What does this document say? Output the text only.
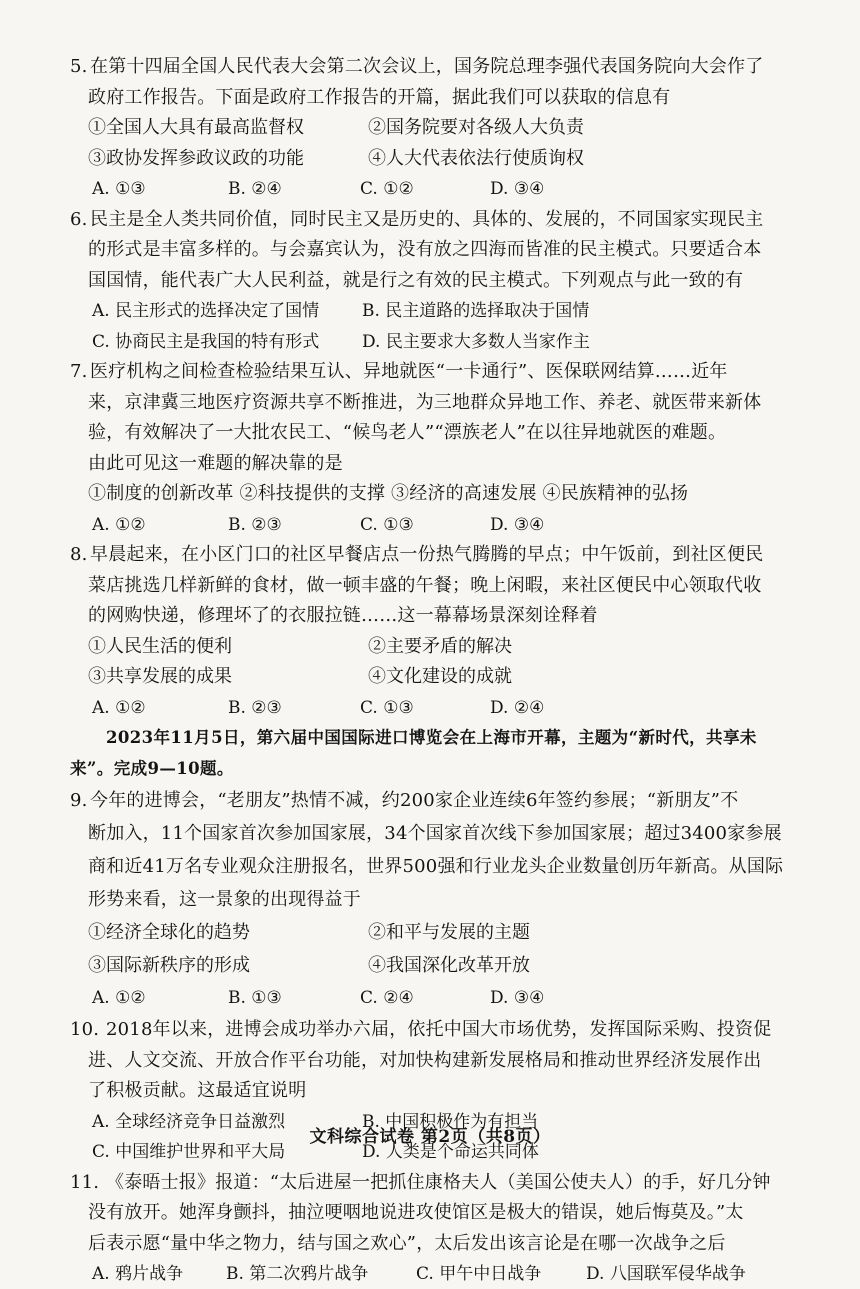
5. 在第十四届全国人民代表大会第二次会议上，国务院总理李强代表国务院向大会作了
政府工作报告。下面是政府工作报告的开篇，据此我们可以获取的信息有
①全国人大具有最高监督权	②国务院要对各级人大负责
③政协发挥参政议政的功能	④人大代表依法行使质询权
A. ①③	B. ②④	C. ①②	D. ③④
6. 民主是全人类共同价值，同时民主又是历史的、具体的、发展的，不同国家实现民主
的形式是丰富多样的。与会嘉宾认为，没有放之四海而皆准的民主模式。只要适合本
国国情，能代表广大人民利益，就是行之有效的民主模式。下列观点与此一致的有
A. 民主形式的选择决定了国情	B. 民主道路的选择取决于国情
C. 协商民主是我国的特有形式	D. 民主要求大多数人当家作主
7. 医疗机构之间检查检验结果互认、异地就医“一卡通行”、医保联网结算……近年
来，京津冀三地医疗资源共享不断推进，为三地群众异地工作、养老、就医带来新体
验，有效解决了一大批农民工、“候鸟老人”“漂族老人”在以往异地就医的难题。
由此可见这一难题的解决靠的是
①制度的创新改革 ②科技提供的支撑 ③经济的高速发展 ④民族精神的弘扬
A. ①②	B. ②③	C. ①③	D. ③④
8. 早晨起来，在小区门口的社区早餐店点一份热气腾腾的早点；中午饭前，到社区便民
菜店挑选几样新鲜的食材，做一顿丰盛的午餐；晚上闲暇，来社区便民中心领取代收
的网购快递，修理坏了的衣服拉链……这一幕幕场景深刻诠释着
①人民生活的便利	②主要矛盾的解决
③共享发展的成果	④文化建设的成就
A. ①②	B. ②③	C. ①③	D. ②④
2023年11月5日，第六届中国国际进口博览会在上海市开幕，主题为“新时代，共享未
来”。完成9—10题。
9. 今年的进博会，“老朋友”热情不减，约200家企业连续6年签约参展；“新朋友”不
断加入，11个国家首次参加国家展，34个国家首次线下参加国家展；超过3400家参展
商和近41万名专业观众注册报名，世界500强和行业龙头企业数量创历年新高。从国际
形势来看，这一景象的出现得益于
①经济全球化的趋势	②和平与发展的主题
③国际新秩序的形成	④我国深化改革开放
A. ①②	B. ①③	C. ②④	D. ③④
10. 2018年以来，进博会成功举办六届，依托中国大市场优势，发挥国际采购、投资促
进、人文交流、开放合作平台功能，对加快构建新发展格局和推动世界经济发展作出
了积极贡献。这最适宜说明
A. 全球经济竞争日益激烈	B. 中国积极作为有担当
C. 中国维护世界和平大局	D. 人类是个命运共同体
11. 《泰晤士报》报道：“太后进屋一把抓住康格夫人（美国公使夫人）的手，好几分钟
没有放开。她浑身颤抖，抽泣哽咽地说进攻使馆区是极大的错误，她后悔莫及。”太
后表示愿“量中华之物力，结与国之欢心”，太后发出该言论是在哪一次战争之后
A. 鸦片战争	B. 第二次鸦片战争	C. 甲午中日战争	D. 八国联军侵华战争
文科综合试卷 第2页（共8页）
